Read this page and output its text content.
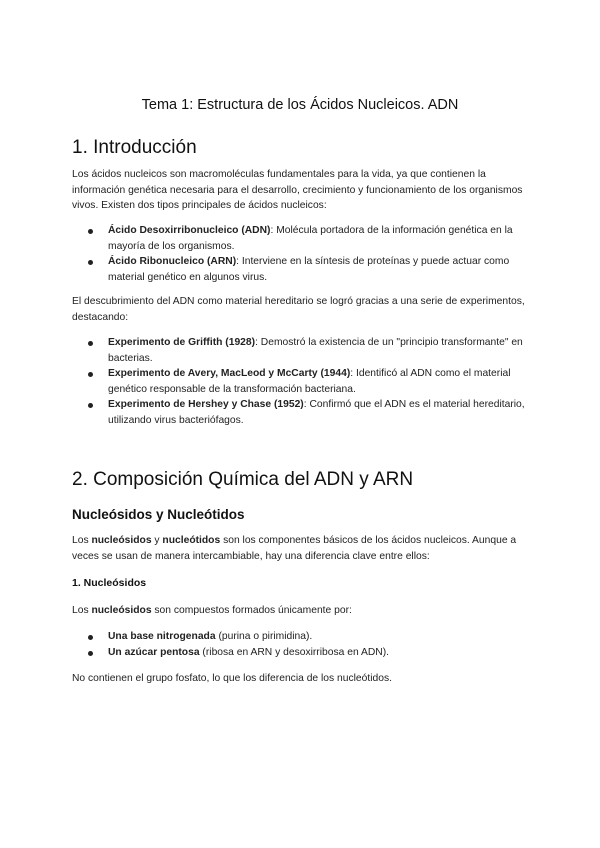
Tema 1: Estructura de los Ácidos Nucleicos. ADN
1. Introducción
Los ácidos nucleicos son macromoléculas fundamentales para la vida, ya que contienen la información genética necesaria para el desarrollo, crecimiento y funcionamiento de los organismos vivos. Existen dos tipos principales de ácidos nucleicos:
Ácido Desoxirribonucleico (ADN): Molécula portadora de la información genética en la mayoría de los organismos.
Ácido Ribonucleico (ARN): Interviene en la síntesis de proteínas y puede actuar como material genético en algunos virus.
El descubrimiento del ADN como material hereditario se logró gracias a una serie de experimentos, destacando:
Experimento de Griffith (1928): Demostró la existencia de un "principio transformante" en bacterias.
Experimento de Avery, MacLeod y McCarty (1944): Identificó al ADN como el material genético responsable de la transformación bacteriana.
Experimento de Hershey y Chase (1952): Confirmó que el ADN es el material hereditario, utilizando virus bacteriófagos.
2. Composición Química del ADN y ARN
Nucleósidos y Nucleótidos
Los nucleósidos y nucleótidos son los componentes básicos de los ácidos nucleicos. Aunque a veces se usan de manera intercambiable, hay una diferencia clave entre ellos:
1. Nucleósidos
Los nucleósidos son compuestos formados únicamente por:
Una base nitrogenada (purina o pirimidina).
Un azúcar pentosa (ribosa en ARN y desoxirribosa en ADN).
No contienen el grupo fosfato, lo que los diferencia de los nucleótidos.
